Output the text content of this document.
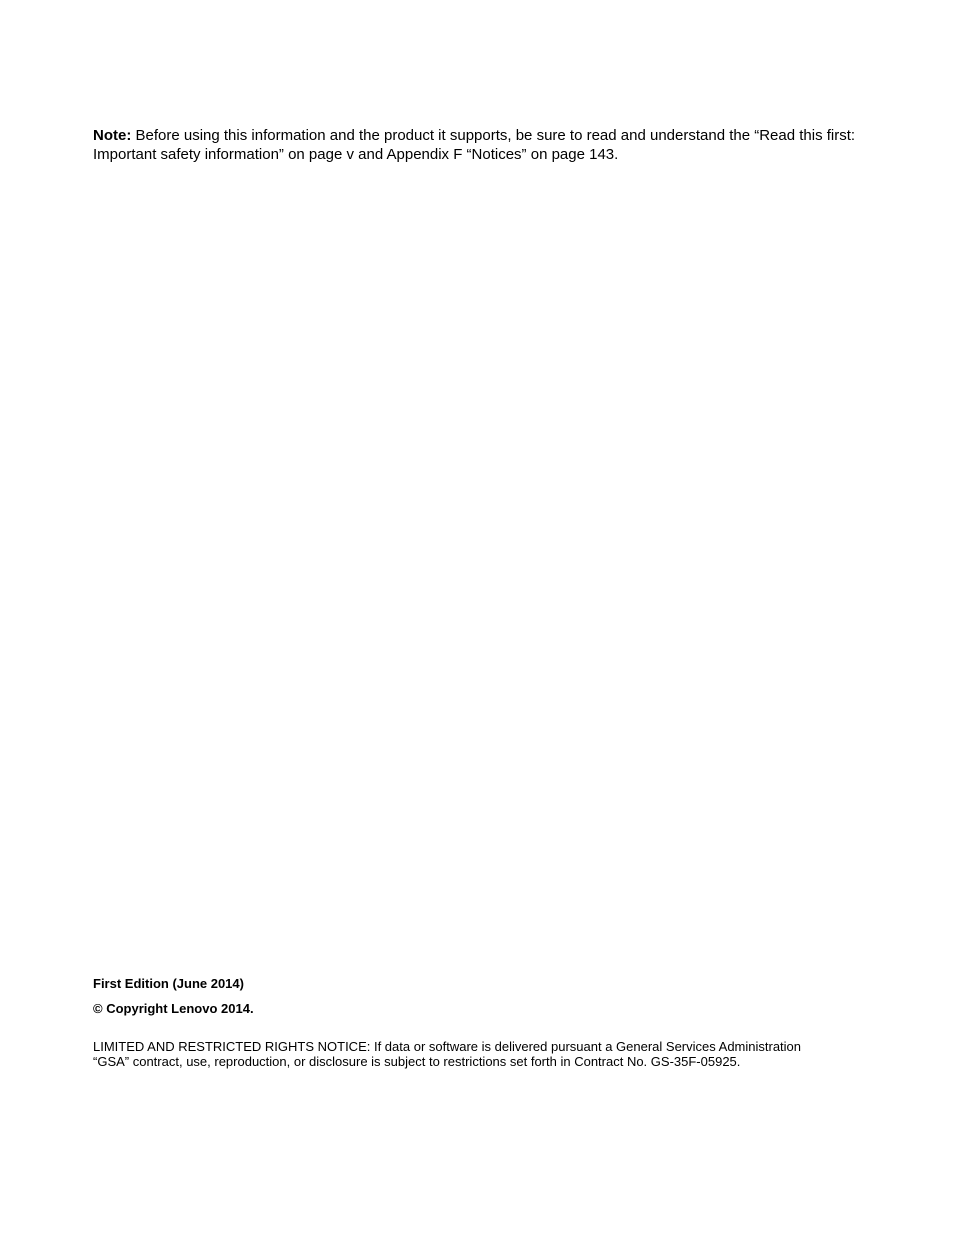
Note: Before using this information and the product it supports, be sure to read and understand the “Read this first: Important safety information” on page v and Appendix F “Notices” on page 143.
First Edition (June 2014)
© Copyright Lenovo 2014.
LIMITED AND RESTRICTED RIGHTS NOTICE: If data or software is delivered pursuant a General Services Administration
“GSA” contract, use, reproduction, or disclosure is subject to restrictions set forth in Contract No. GS-35F-05925.
